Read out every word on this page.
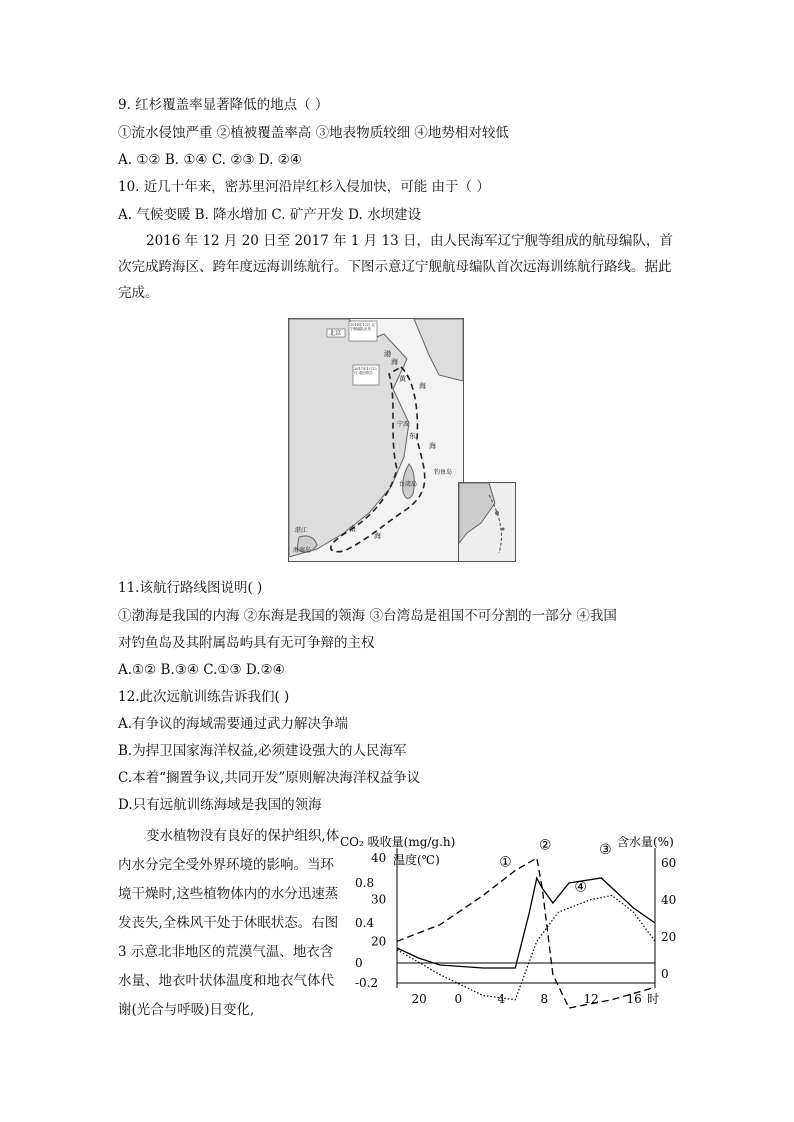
9. 红杉覆盖率显著降低的地点（ ）
①流水侵蚀严重 ②植被覆盖率高 ③地表物质较细 ④地势相对较低
A. ①② B. ①④ C. ②③ D. ②④
10. 近几十年来，密苏里河沿岸红杉入侵加快，可能 由于（ ）
A. 气候变暖 B. 降水增加 C. 矿产开发 D. 水坝建设
2016 年 12 月 20 日至 2017 年 1 月 13 日，由人民海军辽宁舰等组成的航母编队，首次完成跨海区、跨年度远海训练航行。下图示意辽宁舰航母编队首次远海训练航行路线。据此完成。
北京
渤
海
黄
海
东
海
宁波
台湾岛
钓鱼岛
南
海
湛江
海南岛
2016年12月 辽宁舰编队出发
2017年1月13日 返回青岛
11.该航行路线图说明( )
①渤海是我国的内海 ②东海是我国的领海 ③台湾岛是祖国不可分割的一部分 ④我国
对钓鱼岛及其附属岛屿具有无可争辩的主权
A.①② B.③④ C.①③ D.②④
12.此次远航训练告诉我们( )
A.有争议的海域需要通过武力解决争端
B.为捍卫国家海洋权益,必须建设强大的人民海军
C.本着“搁置争议,共同开发”原则解决海洋权益争议
D.只有远航训练海域是我国的领海
变水植物没有良好的保护组织,体内水分完全受外界环境的影响。当环境干燥时,这些植物体内的水分迅速蒸发丧失,全株风干处于休眠状态。右图 3 示意北非地区的荒漠气温、地衣含水量、地衣叶状体温度和地衣气体代谢(光合与呼吸)日变化,
CO₂ 吸收量(mg/g.h)
温度(℃)
含水量(%)
0.8
0.4
0
-0.2
40
30
20
60
40
20
0
20 0	4	8	12 16 时
①
②	③
④
